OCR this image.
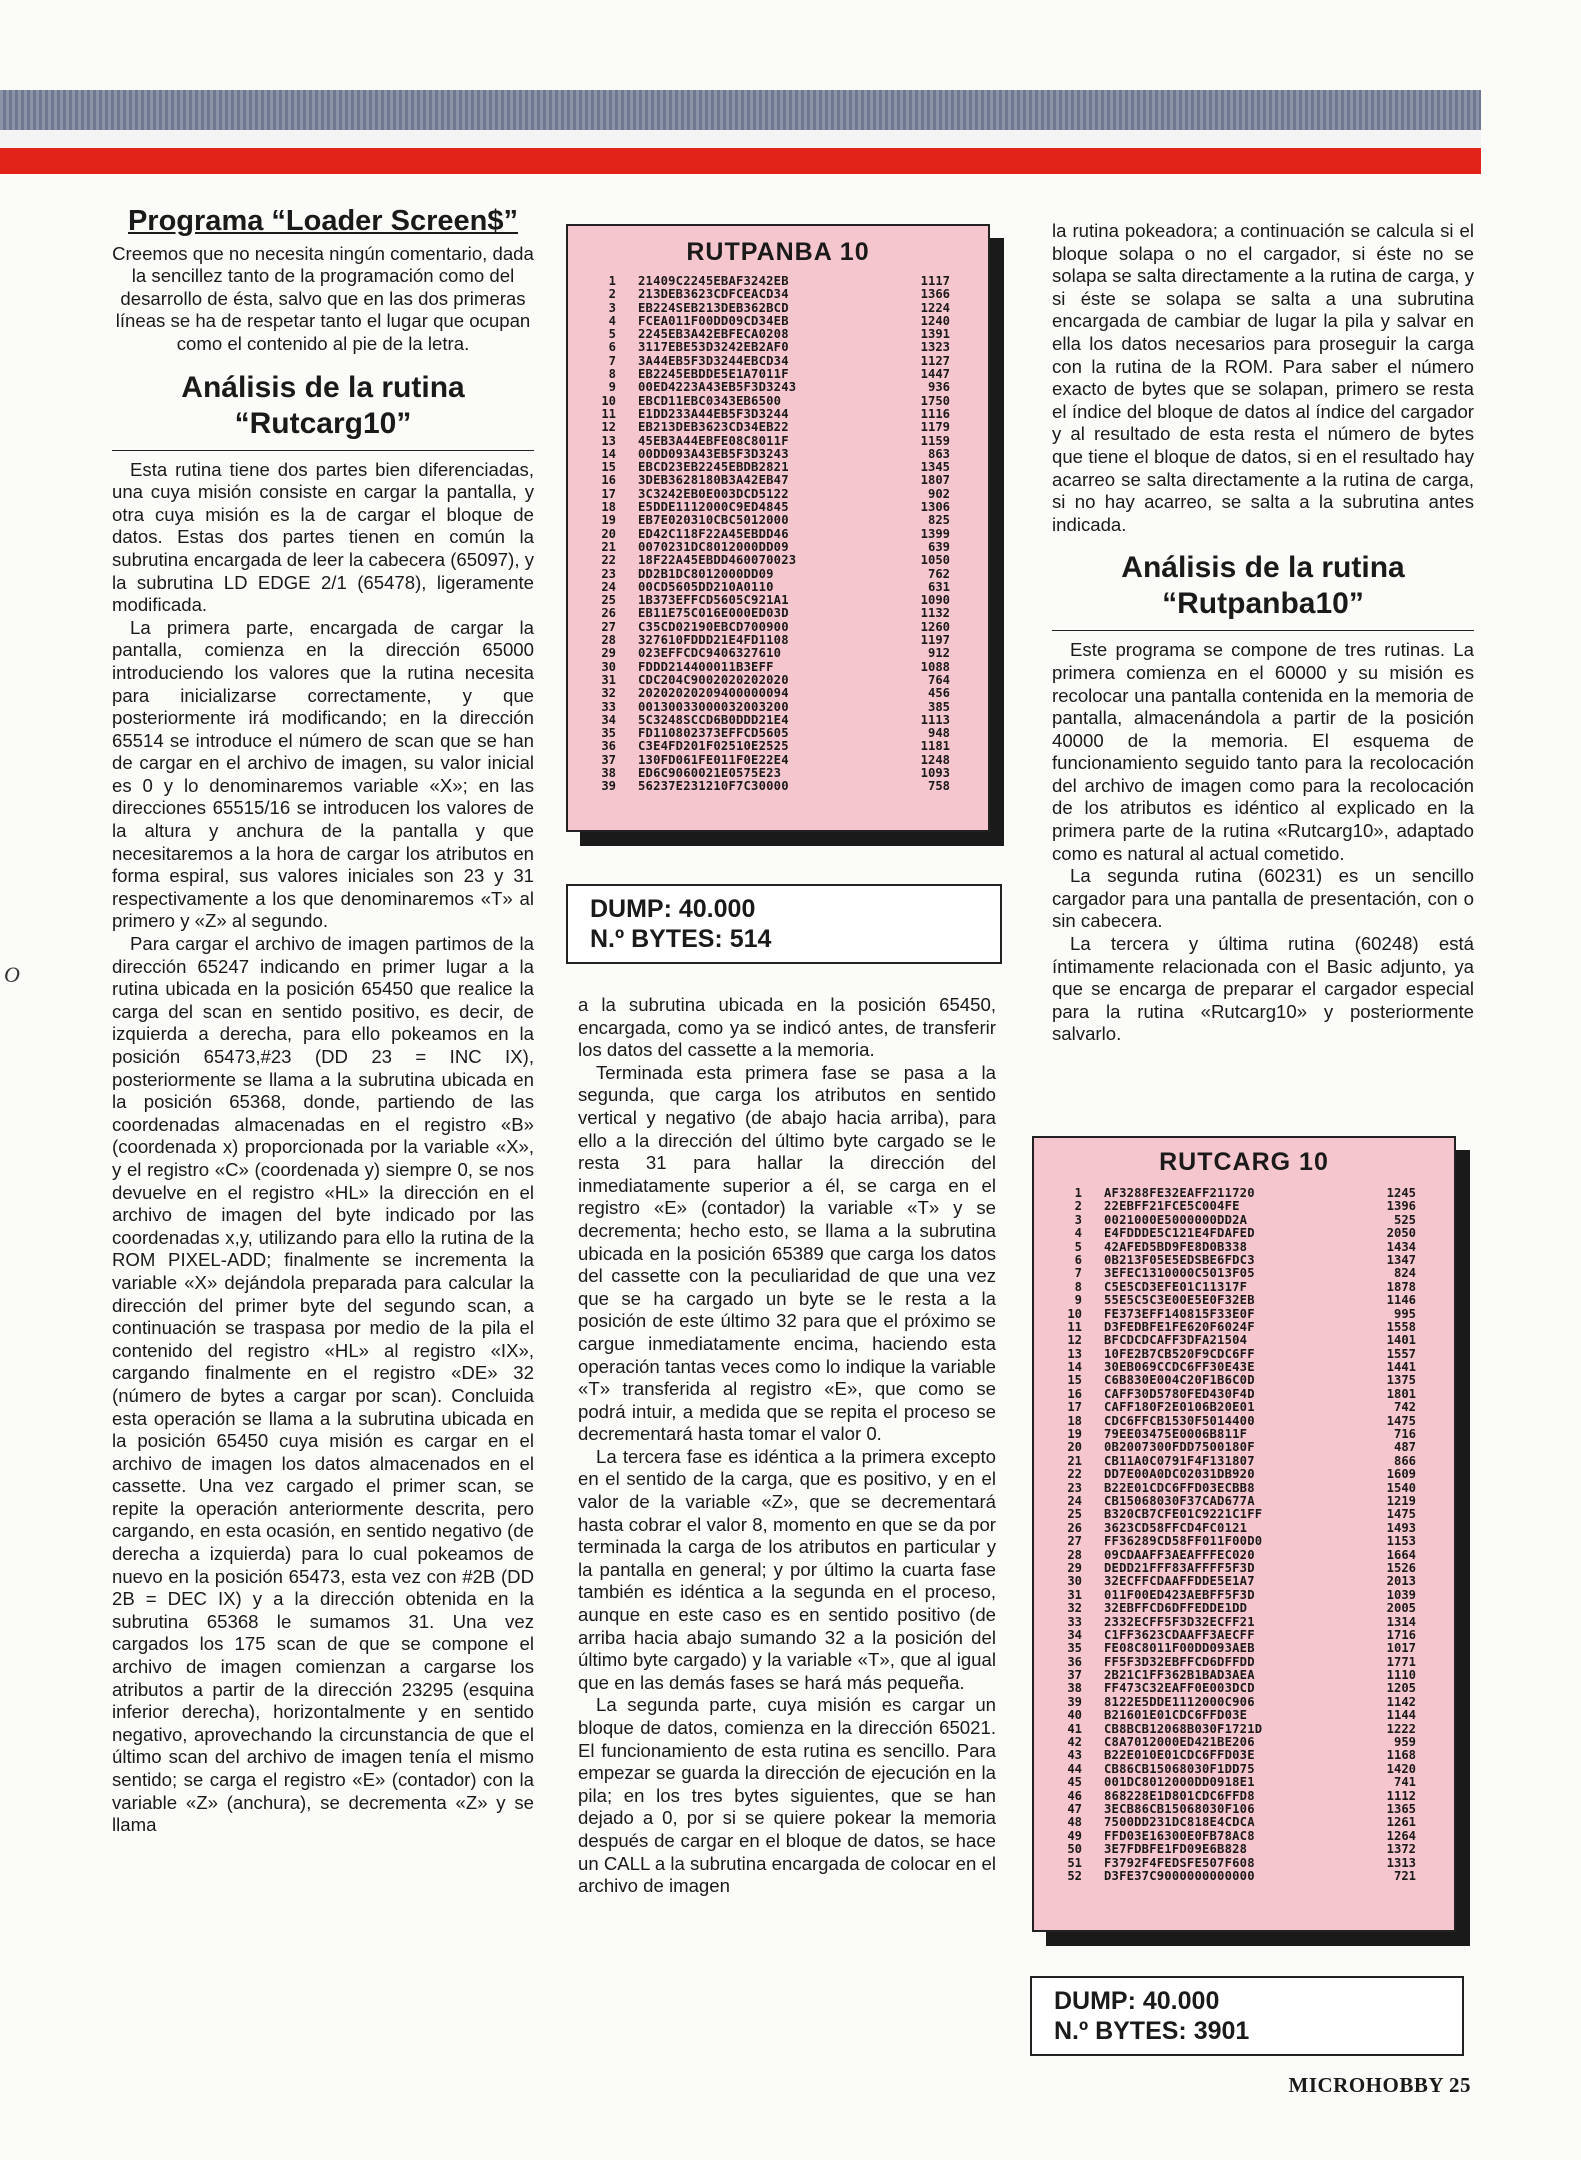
O
Programa “Loader Screen$”

Creemos que no necesita ningún comentario, dada la sencillez tanto de la programación como del desarrollo de ésta, salvo que en las dos primeras líneas se ha de respetar tanto el lugar que ocupan como el contenido al pie de la letra.

Análisis de la rutina “Rutcarg10”

Esta rutina tiene dos partes bien diferenciadas, una cuya misión consiste en cargar la pantalla, y otra cuya misión es la de cargar el bloque de datos. Estas dos partes tienen en común la subrutina encargada de leer la cabecera (65097), y la subrutina LD EDGE 2/1 (65478), ligeramente modificada.

La primera parte, encargada de cargar la pantalla, comienza en la dirección 65000 introduciendo los valores que la rutina necesita para inicializarse correctamente, y que posteriormente irá modificando; en la dirección 65514 se introduce el número de scan que se han de cargar en el archivo de imagen, su valor inicial es 0 y lo denominaremos variable «X»; en las direcciones 65515/16 se introducen los valores de la altura y anchura de la pantalla y que necesitaremos a la hora de cargar los atributos en forma espiral, sus valores iniciales son 23 y 31 respectivamente a los que denominaremos «T» al primero y «Z» al segundo.

Para cargar el archivo de imagen partimos de la dirección 65247 indicando en primer lugar a la rutina ubicada en la posición 65450 que realice la carga del scan en sentido positivo, es decir, de izquierda a derecha, para ello pokeamos en la posición 65473,#23 (DD 23 = INC IX), posteriormente se llama a la subrutina ubicada en la posición 65368, donde, partiendo de las coordenadas almacenadas en el registro «B» (coordenada x) proporcionada por la variable «X», y el registro «C» (coordenada y) siempre 0, se nos devuelve en el registro «HL» la dirección en el archivo de imagen del byte indicado por las coordenadas x,y, utilizando para ello la rutina de la ROM PIXEL-ADD; finalmente se incrementa la variable «X» dejándola preparada para calcular la dirección del primer byte del segundo scan, a continuación se traspasa por medio de la pila el contenido del registro «HL» al registro «IX», cargando finalmente en el registro «DE» 32 (número de bytes a cargar por scan). Concluida esta operación se llama a la subrutina ubicada en la posición 65450 cuya misión es cargar en el archivo de imagen los datos almacenados en el cassette. Una vez cargado el primer scan, se repite la operación anteriormente descrita, pero cargando, en esta ocasión, en sentido negativo (de derecha a izquierda) para lo cual pokeamos de nuevo en la posición 65473, esta vez con #2B (DD 2B = DEC IX) y a la dirección obtenida en la subrutina 65368 le sumamos 31. Una vez cargados los 175 scan de que se compone el archivo de imagen comienzan a cargarse los atributos a partir de la dirección 23295 (esquina inferior derecha), horizontalmente y en sentido negativo, aprovechando la circunstancia de que el último scan del archivo de imagen tenía el mismo sentido; se carga el registro «E» (contador) con la variable «Z» (anchura), se decrementa «Z» y se llama

RUTPANBA 10
1 21409C2245EBAF3242EB	1117
2 213DEB3623CDFCEACD34	1366
3 EB224SEB213DEB362BCD	1224
4 FCEA011F00DD09CD34EB	1240
5 2245EB3A42EBFECA0208	1391
6 3117EBE53D3242EB2AF0	1323
7 3A44EB5F3D3244EBCD34	1127
8 EB2245EBDDE5E1A7011F	1447
9 00ED4223A43EB5F3D3243	936
10 EBCD11EBC0343EB6500	1750
11 E1DD233A44EB5F3D3244	1116
12 EB213DEB3623CD34EB22	1179
13 45EB3A44EBFE08C8011F	1159
14 00DD093A43EB5F3D3243	863
15 EBCD23EB2245EBDB2821	1345
16 3DEB3628180B3A42EB47	1807
17 3C3242EB0E003DCD5122	902
18 E5DDE1112000C9ED4845	1306
19 EB7E020310CBC5012000	825
20 ED42C118F22A45EBDD46	1399
21 0070231DC8012000DD09	639
22 18F22A45EBDD460070023	1050
23 DD2B1DC8012000DD09	762
24 00CD5605DD210A0110	631
25 1B373EFFCD5605C921A1	1090
26 EB11E75C016E000ED03D	1132
27 C35CD02190EBCD700900	1260
28 327610FDDD21E4FD1108	1197
29 023EFFCDC9406327610	912
30 FDDD214400011B3EFF	1088
31 CDC204C9002020202020	764
32 20202020209400000094	456
33 00130033000032003200	385
34 5C3248SCCD6B0DDD21E4	1113
35 FD110802373EFFCD5605	948
36 C3E4FD201F02510E2525	1181
37 130FD061FE011F0E22E4	1248
38 ED6C9060021E0575E23	1093
39 56237E231210F7C30000	758
DUMP: 40.000
N.º BYTES: 514

a la subrutina ubicada en la posición 65450, encargada, como ya se indicó antes, de transferir los datos del cassette a la memoria.

Terminada esta primera fase se pasa a la segunda, que carga los atributos en sentido vertical y negativo (de abajo hacia arriba), para ello a la dirección del último byte cargado se le resta 31 para hallar la dirección del inmediatamente superior a él, se carga en el registro «E» (contador) la variable «T» y se decrementa; hecho esto, se llama a la subrutina ubicada en la posición 65389 que carga los datos del cassette con la peculiaridad de que una vez que se ha cargado un byte se le resta a la posición de este último 32 para que el próximo se cargue inmediatamente encima, haciendo esta operación tantas veces como lo indique la variable «T» transferida al registro «E», que como se podrá intuir, a medida que se repita el proceso se decrementará hasta tomar el valor 0.

La tercera fase es idéntica a la primera excepto en el sentido de la carga, que es positivo, y en el valor de la variable «Z», que se decrementará hasta cobrar el valor 8, momento en que se da por terminada la carga de los atributos en particular y la pantalla en general; y por último la cuarta fase también es idéntica a la segunda en el proceso, aunque en este caso es en sentido positivo (de arriba hacia abajo sumando 32 a la posición del último byte cargado) y la variable «T», que al igual que en las demás fases se hará más pequeña.

La segunda parte, cuya misión es cargar un bloque de datos, comienza en la dirección 65021. El funcionamiento de esta rutina es sencillo. Para empezar se guarda la dirección de ejecución en la pila; en los tres bytes siguientes, que se han dejado a 0, por si se quiere pokear la memoria después de cargar en el bloque de datos, se hace un CALL a la subrutina encargada de colocar en el archivo de imagen

la rutina pokeadora; a continuación se calcula si el bloque solapa o no el cargador, si éste no se solapa se salta directamente a la rutina de carga, y si éste se solapa se salta a una subrutina encargada de cambiar de lugar la pila y salvar en ella los datos necesarios para proseguir la carga con la rutina de la ROM. Para saber el número exacto de bytes que se solapan, primero se resta el índice del bloque de datos al índice del cargador y al resultado de esta resta el número de bytes que tiene el bloque de datos, si en el resultado hay acarreo se salta directamente a la rutina de carga, si no hay acarreo, se salta a la subrutina antes indicada.

Análisis de la rutina “Rutpanba10”

Este programa se compone de tres rutinas. La primera comienza en el 60000 y su misión es recolocar una pantalla contenida en la memoria de pantalla, almacenándola a partir de la posición 40000 de la memoria. El esquema de funcionamiento seguido tanto para la recolocación del archivo de imagen como para la recolocación de los atributos es idéntico al explicado en la primera parte de la rutina «Rutcarg10», adaptado como es natural al actual cometido.

La segunda rutina (60231) es un sencillo cargador para una pantalla de presentación, con o sin cabecera.

La tercera y última rutina (60248) está íntimamente relacionada con el Basic adjunto, ya que se encarga de preparar el cargador especial para la rutina «Rutcarg10» y posteriormente salvarlo.

RUTCARG 10
1 AF3288FE32EAFF211720	1245
2 22EBFF21FCE5C004FE	1396
3 0021000E5000000DD2A	525
4 E4FDDDE5C121E4FDAFED	2050
5 42AFED5BD9FE8D0B338	1434
6 0B213F05E5EDSBE6FDC3	1347
7 3EFEC1310000C5013F05	824
8 C5E5CD3EFE01C11317F	1878
9 55E5C5C3E00E5E0F32EB	1146
10 FE373EFF140815F33E0F	995
11 D3FEDBFE1FE620F6024F	1558
12 BFCDCDCAFF3DFA21504	1401
13 10FE2B7CB520F9CDC6FF	1557
14 30EB069CCDC6FF30E43E	1441
15 C6B830E004C20F1B6C0D	1375
16 CAFF30D5780FED430F4D	1801
17 CAFF180F2E0106B20E01	742
18 CDC6FFCB1530F5014400	1475
19 79EE03475E0006B811F	716
20 0B2007300FDD7500180F	487
21 CB11A0C0791F4F131807	866
22 DD7E00A0DC02031DB920	1609
23 B22E01CDC6FFD03ECBB8	1540
24 CB15068030F37CAD677A	1219
25 B320CB7CFE01C9221C1FF	1475
26 3623CD58FFCD4FC0121	1493
27 FF36289CD58FF011F00D0	1153
28 09CDAAFF3AEAFFFEC020	1664
29 DEDD21FFF83AFFFF5F3D	1526
30 32ECFFCDAAFFDDE5E1A7	2013
31 011F00ED423AEBFF5F3D	1039
32 32EBFFCD6DFFEDDE1DD	2005
33 2332ECFF5F3D32ECFF21	1314
34 C1FF3623CDAAFF3AECFF	1716
35 FE08C8011F00DD093AEB	1017
36 FF5F3D32EBFFCD6DFFDD	1771
37 2B21C1FF362B1BAD3AEA	1110
38 FF473C32EAFF0E003DCD	1205
39 8122E5DDE1112000C906	1142
40 B21601E01CDC6FFD03E	1144
41 CB8BCB12068B030F1721D	1222
42 C8A7012000ED421BE206	959
43 B22E010E01CDC6FFD03E	1168
44 CB86CB15068030F1DD75	1420
45 001DC8012000DD0918E1	741
46 868228E1D801CDC6FFD8	1112
47 3ECB86CB15068030F106	1365
48 7500DD231DC818E4CDCA	1261
49 FFD03E16300E0FB78AC8	1264
50 3E7FDBFE1FD09E6B828	1372
51 F3792F4FEDSFE507F608	1313
52 D3FE37C9000000000000	721
DUMP: 40.000
N.º BYTES: 3901
MICROHOBBY 25
